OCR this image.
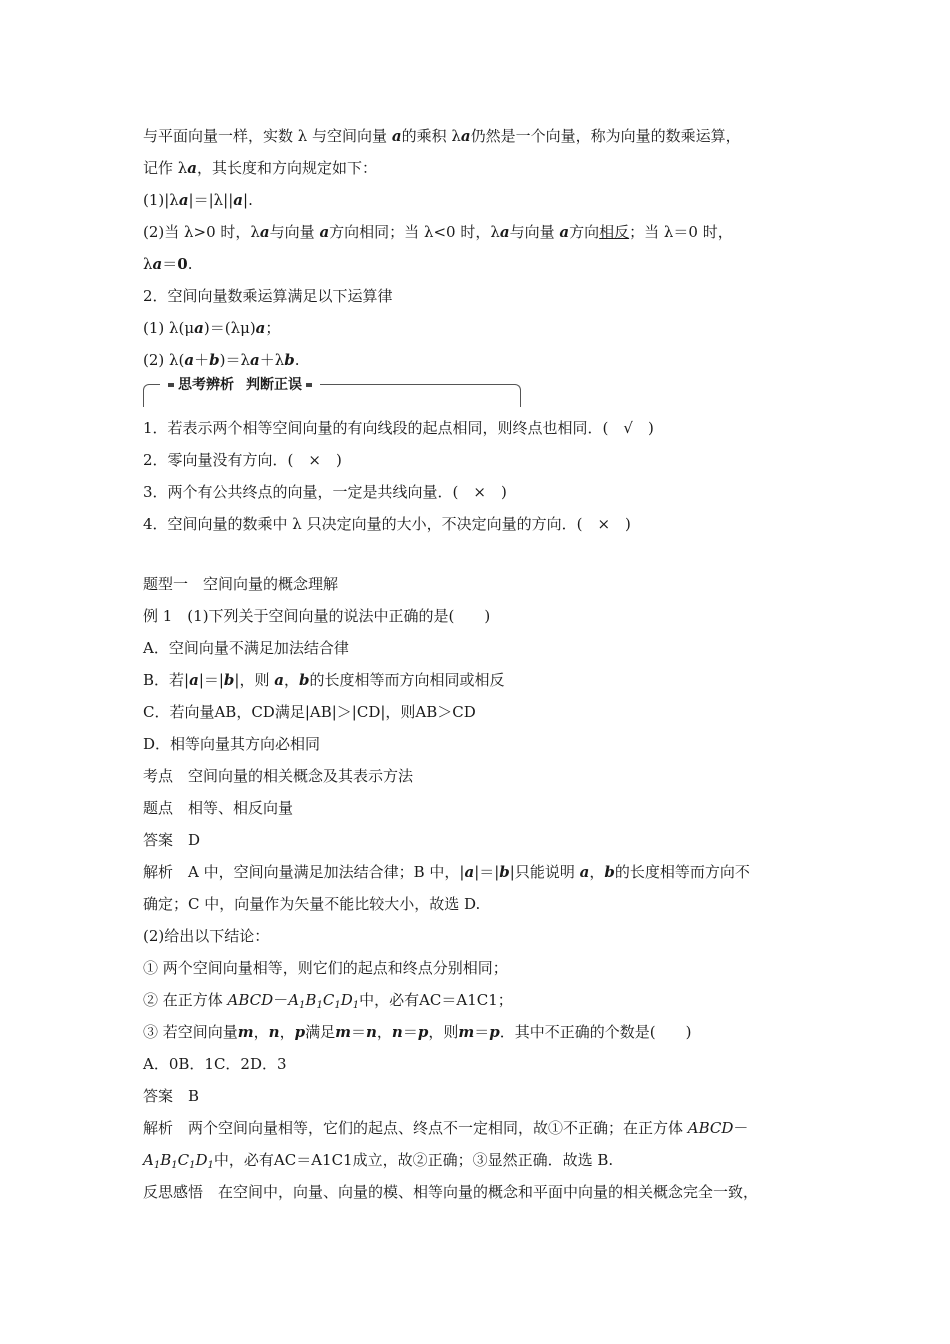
与平面向量一样，实数 λ 与空间向量 a的乘积 λa仍然是一个向量，称为向量的数乘运算，
记作 λa，其长度和方向规定如下：
(1)|λa|＝|λ||a|.
(2)当 λ>0 时，λa与向量 a方向相同；当 λ<0 时，λa与向量 a方向相反；当 λ＝0 时，
λa＝0.
2．空间向量数乘运算满足以下运算律
(1) λ(μa)＝(λμ)a；
(2) λ(a＋b)＝λa＋λb.
思考辨析 判断正误
1．若表示两个相等空间向量的有向线段的起点相同，则终点也相同．(　√　)
2．零向量没有方向．(　×　)
3．两个有公共终点的向量，一定是共线向量．(　×　)
4．空间向量的数乘中 λ 只决定向量的大小，不决定向量的方向．(　×　)
题型一　空间向量的概念理解
例 1　(1)下列关于空间向量的说法中正确的是(　　)
A．空间向量不满足加法结合律
B．若|a|＝|b|，则 a，b的长度相等而方向相同或相反
C．若向量AB，CD满足|AB|＞|CD|，则AB＞CD
D．相等向量其方向必相同
考点　空间向量的相关概念及其表示方法
题点　相等、相反向量
答案　D
解析　A 中，空间向量满足加法结合律；B 中，|a|＝|b|只能说明 a，b的长度相等而方向不
确定；C 中，向量作为矢量不能比较大小，故选 D.
(2)给出以下结论：
① 两个空间向量相等，则它们的起点和终点分别相同；
② 在正方体 $ABCD-A_1B_1C_1D_1$中，必有AC＝A1C1；
③ 若空间向量m，n，p满足m＝n，n＝p，则m＝p．其中不正确的个数是(　　)
A．0B．1C．2D．3
答案　B
解析　两个空间向量相等，它们的起点、终点不一定相同，故①不正确；在正方体 ABCD－
$A_1B_1C_1D_1$中，必有AC＝A1C1成立，故②正确；③显然正确．故选 B.
反思感悟　在空间中，向量、向量的模、相等向量的概念和平面中向量的相关概念完全一致，
